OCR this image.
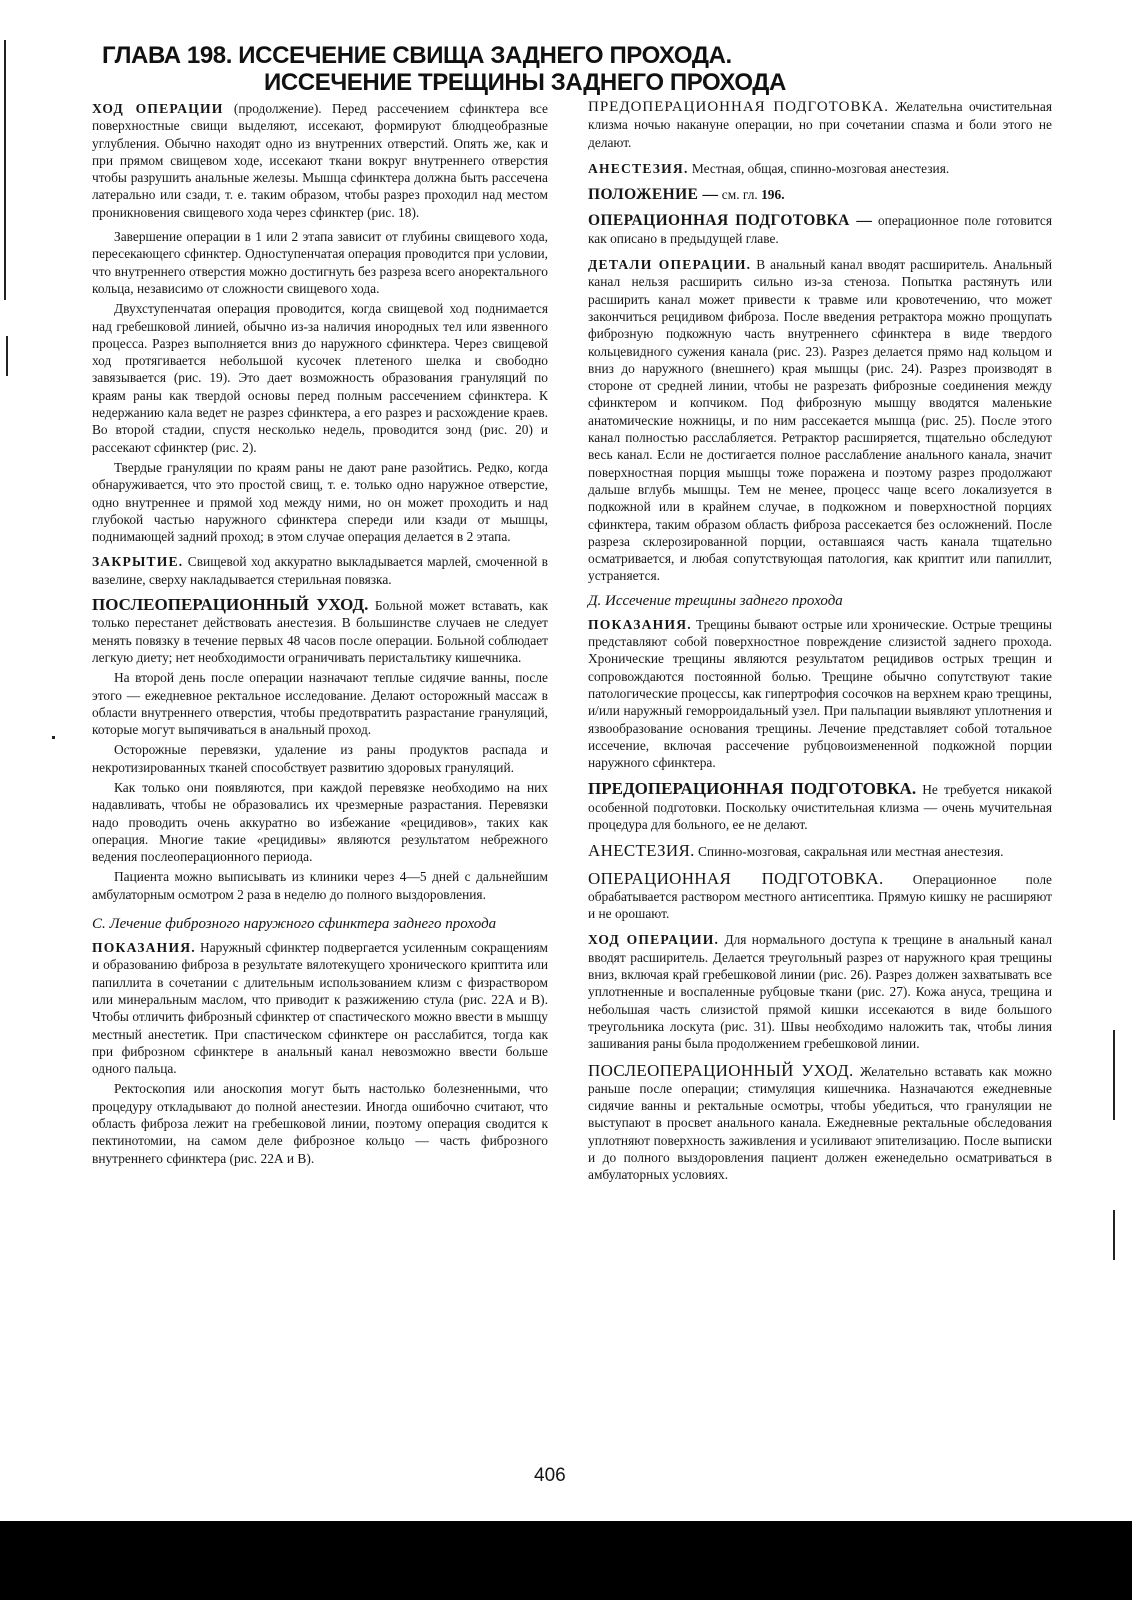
ГЛАВА 198. ИССЕЧЕНИЕ СВИЩА ЗАДНЕГО ПРОХОДА.
ИССЕЧЕНИЕ ТРЕЩИНЫ ЗАДНЕГО ПРОХОДА

ХОД ОПЕРАЦИИ (продолжение). Перед рассечением сфинктера все поверхностные свищи выделяют, иссекают, формируют блюдцеобразные углубления. Обычно находят одно из внутренних отверстий. Опять же, как и при прямом свищевом ходе, иссекают ткани вокруг внутреннего отверстия чтобы разрушить анальные железы. Мышца сфинктера должна быть рассечена латерально или сзади, т. е. таким образом, чтобы разрез проходил над местом проникновения свищевого хода через сфинктер (рис. 18).

Завершение операции в 1 или 2 этапа зависит от глубины свищевого хода, пересекающего сфинктер. Одноступенчатая операция проводится при условии, что внутреннего отверстия можно достигнуть без разреза всего аноректального кольца, независимо от сложности свищевого хода.

Двухступенчатая операция проводится, когда свищевой ход поднимается над гребешковой линией, обычно из-за наличия инородных тел или язвенного процесса. Разрез выполняется вниз до наружного сфинктера. Через свищевой ход протягивается небольшой кусочек плетеного шелка и свободно завязывается (рис. 19). Это дает возможность образования грануляций по краям раны как твердой основы перед полным рассечением сфинктера. К недержанию кала ведет не разрез сфинктера, а его разрез и расхождение краев. Во второй стадии, спустя несколько недель, проводится зонд (рис. 20) и рассекают сфинктер (рис. 2).

Твердые грануляции по краям раны не дают ране разойтись. Редко, когда обнаруживается, что это простой свищ, т. е. только одно наружное отверстие, одно внутреннее и прямой ход между ними, но он может проходить и над глубокой частью наружного сфинктера спереди или кзади от мышцы, поднимающей задний проход; в этом случае операция делается в 2 этапа.

ЗАКРЫТИЕ. Свищевой ход аккуратно выкладывается марлей, смоченной в вазелине, сверху накладывается стерильная повязка.

ПОСЛЕОПЕРАЦИОННЫЙ УХОД. Больной может вставать, как только перестанет действовать анестезия. В большинстве случаев не следует менять повязку в течение первых 48 часов после операции. Больной соблюдает легкую диету; нет необходимости ограничивать перистальтику кишечника.

На второй день после операции назначают теплые сидячие ванны, после этого — ежедневное ректальное исследование. Делают осторожный массаж в области внутреннего отверстия, чтобы предотвратить разрастание грануляций, которые могут выпячиваться в анальный проход.

Осторожные перевязки, удаление из раны продуктов распада и некротизированных тканей способствует развитию здоровых грануляций.

Как только они появляются, при каждой перевязке необходимо на них надавливать, чтобы не образовались их чрезмерные разрастания. Перевязки надо проводить очень аккуратно во избежание «рецидивов», таких как операция. Многие такие «рецидивы» являются результатом небрежного ведения послеоперационного периода.

Пациента можно выписывать из клиники через 4—5 дней с дальнейшим амбулаторным осмотром 2 раза в неделю до полного выздоровления.

С. Лечение фиброзного наружного сфинктера заднего прохода

ПОКАЗАНИЯ. Наружный сфинктер подвергается усиленным сокращениям и образованию фиброза в результате вялотекущего хронического криптита или папиллита в сочетании с длительным использованием клизм с физраствором или минеральным маслом, что приводит к разжижению стула (рис. 22А и В). Чтобы отличить фиброзный сфинктер от спастического можно ввести в мышцу местный анестетик. При спастическом сфинктере он расслабится, тогда как при фиброзном сфинктере в анальный канал невозможно ввести больше одного пальца.

Ректоскопия или аноскопия могут быть настолько болезненными, что процедуру откладывают до полной анестезии. Иногда ошибочно считают, что область фиброза лежит на гребешковой линии, поэтому операция сводится к пектинотомии, на самом деле фиброзное кольцо — часть фиброзного внутреннего сфинктера (рис. 22А и В).

ПРЕДОПЕРАЦИОННАЯ ПОДГОТОВКА. Желательна очистительная клизма ночью накануне операции, но при сочетании спазма и боли этого не делают.

АНЕСТЕЗИЯ. Местная, общая, спинно-мозговая анестезия.

ПОЛОЖЕНИЕ — см. гл. 196.

ОПЕРАЦИОННАЯ ПОДГОТОВКА — операционное поле готовится как описано в предыдущей главе.

ДЕТАЛИ ОПЕРАЦИИ. В анальный канал вводят расширитель. Анальный канал нельзя расширить сильно из-за стеноза. Попытка растянуть или расширить канал может привести к травме или кровотечению, что может закончиться рецидивом фиброза. После введения ретрактора можно прощупать фиброзную подкожную часть внутреннего сфинктера в виде твердого кольцевидного сужения канала (рис. 23). Разрез делается прямо над кольцом и вниз до наружного (внешнего) края мышцы (рис. 24). Разрез производят в стороне от средней линии, чтобы не разрезать фиброзные соединения между сфинктером и копчиком. Под фиброзную мышцу вводятся маленькие анатомические ножницы, и по ним рассекается мышца (рис. 25). После этого канал полностью расслабляется. Ретрактор расширяется, тщательно обследуют весь канал. Если не достигается полное расслабление анального канала, значит поверхностная порция мышцы тоже поражена и поэтому разрез продолжают дальше вглубь мышцы. Тем не менее, процесс чаще всего локализуется в подкожной или в крайнем случае, в подкожном и поверхностной порциях сфинктера, таким образом область фиброза рассекается без осложнений. После разреза склерозированной порции, оставшаяся часть канала тщательно осматривается, и любая сопутствующая патология, как криптит или папиллит, устраняется.

Д. Иссечение трещины заднего прохода

ПОКАЗАНИЯ. Трещины бывают острые или хронические. Острые трещины представляют собой поверхностное повреждение слизистой заднего прохода. Хронические трещины являются результатом рецидивов острых трещин и сопровождаются постоянной болью. Трещине обычно сопутствуют такие патологические процессы, как гипертрофия сосочков на верхнем краю трещины, и/или наружный геморроидальный узел. При пальпации выявляют уплотнения и язвообразование основания трещины. Лечение представляет собой тотальное иссечение, включая рассечение рубцовоизмененной подкожной порции наружного сфинктера.

ПРЕДОПЕРАЦИОННАЯ ПОДГОТОВКА. Не требуется никакой особенной подготовки. Поскольку очистительная клизма — очень мучительная процедура для больного, ее не делают.

АНЕСТЕЗИЯ. Спинно-мозговая, сакральная или местная анестезия.

ОПЕРАЦИОННАЯ ПОДГОТОВКА. Операционное поле обрабатывается раствором местного антисептика. Прямую кишку не расширяют и не орошают.

ХОД ОПЕРАЦИИ. Для нормального доступа к трещине в анальный канал вводят расширитель. Делается треугольный разрез от наружного края трещины вниз, включая край гребешковой линии (рис. 26). Разрез должен захватывать все уплотненные и воспаленные рубцовые ткани (рис. 27). Кожа ануса, трещина и небольшая часть слизистой прямой кишки иссекаются в виде большого треугольника лоскута (рис. 31). Швы необходимо наложить так, чтобы линия зашивания раны была продолжением гребешковой линии.

ПОСЛЕОПЕРАЦИОННЫЙ УХОД. Желательно вставать как можно раньше после операции; стимуляция кишечника. Назначаются ежедневные сидячие ванны и ректальные осмотры, чтобы убедиться, что грануляции не выступают в просвет анального канала. Ежедневные ректальные обследования уплотняют поверхность заживления и усиливают эпителизацию. После выписки и до полного выздоровления пациент должен еженедельно осматриваться в амбулаторных условиях.

406
